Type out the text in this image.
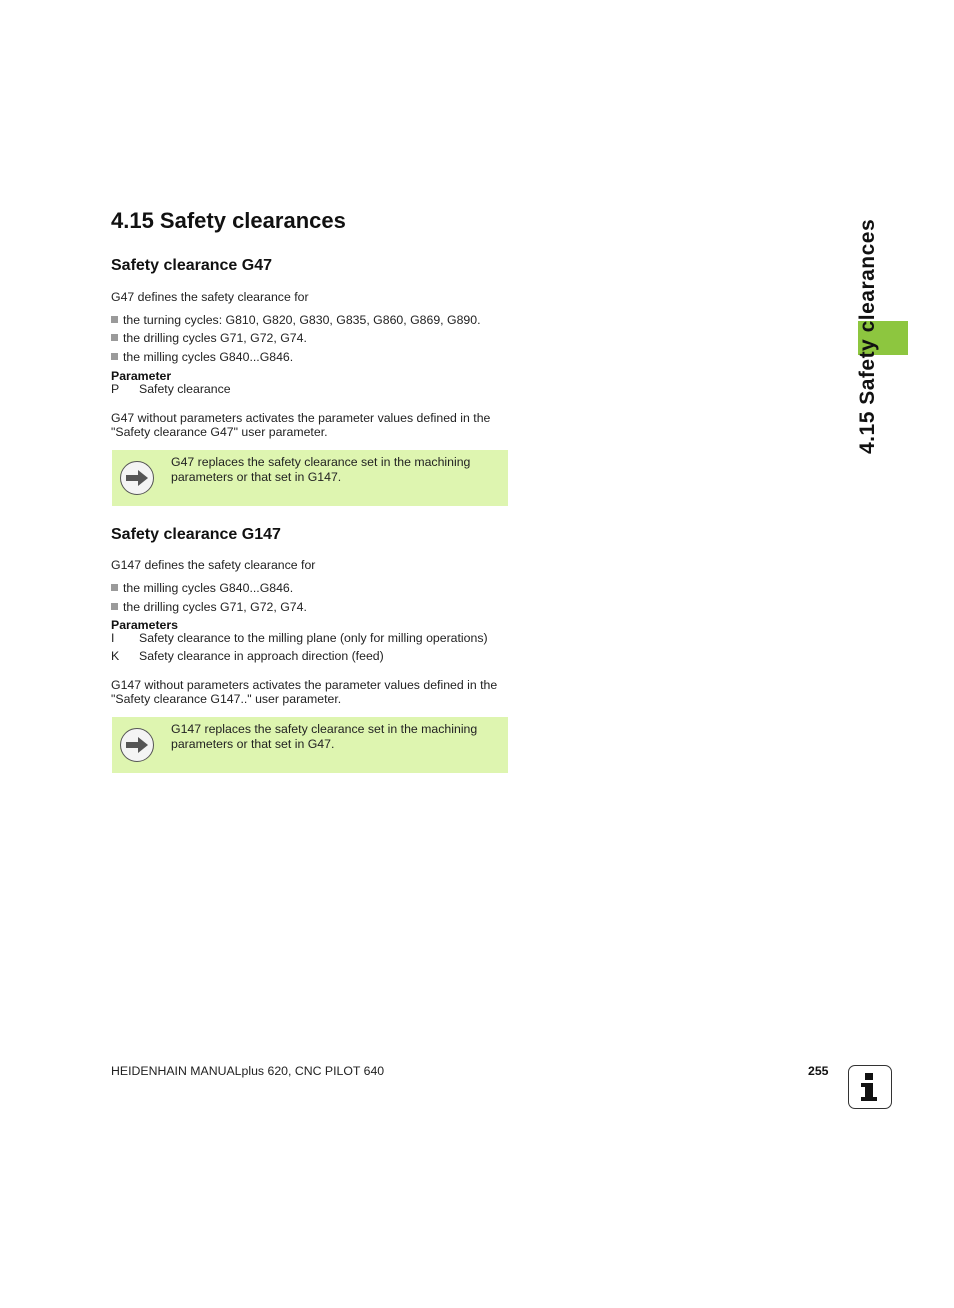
4.15 Safety clearances
Safety clearance G47
G47 defines the safety clearance for
the turning cycles: G810, G820, G830, G835, G860, G869, G890.
the drilling cycles G71, G72, G74.
the milling cycles G840...G846.
Parameter
P Safety clearance
G47 without parameters activates the parameter values defined in the "Safety clearance G47" user parameter.
G47 replaces the safety clearance set in the machining parameters or that set in G147.
Safety clearance G147
G147 defines the safety clearance for
the milling cycles G840...G846.
the drilling cycles G71, G72, G74.
Parameters
I Safety clearance to the milling plane (only for milling operations)
K Safety clearance in approach direction (feed)
G147 without parameters activates the parameter values defined in the "Safety clearance G147.." user parameter.
G147 replaces the safety clearance set in the machining parameters or that set in G47.
4.15 Safety clearances
HEIDENHAIN MANUALplus 620, CNC PILOT 640	255
